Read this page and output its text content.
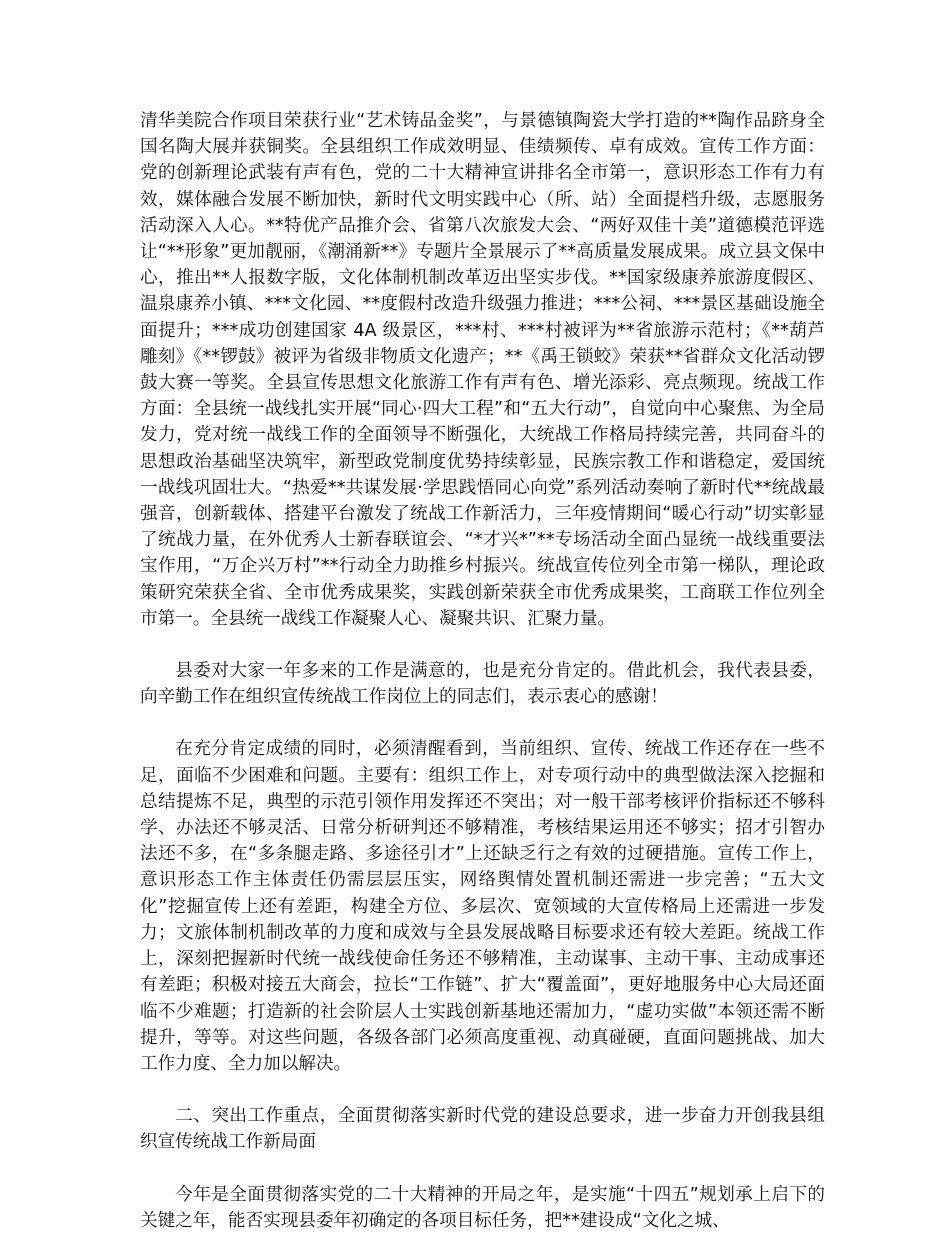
清华美院合作项目荣获行业“艺术铸品金奖”，与景德镇陶瓷大学打造的**陶作品跻身全国名陶大展并获铜奖。全县组织工作成效明显、佳绩频传、卓有成效。宣传工作方面：党的创新理论武装有声有色，党的二十大精神宣讲排名全市第一，意识形态工作有力有效，媒体融合发展不断加快，新时代文明实践中心（所、站）全面提档升级，志愿服务活动深入人心。**特优产品推介会、省第八次旅发大会、“两好双佳十美”道德模范评选让“**形象”更加靓丽，《潮涌新**》专题片全景展示了**高质量发展成果。成立县文保中心，推出**人报数字版，文化体制机制改革迈出坚实步伐。**国家级康养旅游度假区、温泉康养小镇、***文化园、**度假村改造升级强力推进；***公祠、***景区基础设施全面提升；***成功创建国家 4A 级景区，***村、***村被评为**省旅游示范村；《**葫芦雕刻》《**锣鼓》被评为省级非物质文化遗产；**《禹王锁蛟》荣获**省群众文化活动锣鼓大赛一等奖。全县宣传思想文化旅游工作有声有色、增光添彩、亮点频现。统战工作方面：全县统一战线扎实开展“同心·四大工程”和“五大行动”，自觉向中心聚焦、为全局发力，党对统一战线工作的全面领导不断强化，大统战工作格局持续完善，共同奋斗的思想政治基础坚决筑牢，新型政党制度优势持续彰显，民族宗教工作和谐稳定，爱国统一战线巩固壮大。“热爱**共谋发展·学思践悟同心向党”系列活动奏响了新时代**统战最强音，创新载体、搭建平台激发了统战工作新活力，三年疫情期间“暖心行动”切实彰显了统战力量，在外优秀人士新春联谊会、“*才兴*”**专场活动全面凸显统一战线重要法宝作用，“万企兴万村”**行动全力助推乡村振兴。统战宣传位列全市第一梯队，理论政策研究荣获全省、全市优秀成果奖，实践创新荣获全市优秀成果奖，工商联工作位列全市第一。全县统一战线工作凝聚人心、凝聚共识、汇聚力量。

县委对大家一年多来的工作是满意的，也是充分肯定的。借此机会，我代表县委，向辛勤工作在组织宣传统战工作岗位上的同志们，表示衷心的感谢！

在充分肯定成绩的同时，必须清醒看到，当前组织、宣传、统战工作还存在一些不足，面临不少困难和问题。主要有：组织工作上，对专项行动中的典型做法深入挖掘和总结提炼不足，典型的示范引领作用发挥还不突出；对一般干部考核评价指标还不够科学、办法还不够灵活、日常分析研判还不够精准，考核结果运用还不够实；招才引智办法还不多，在“多条腿走路、多途径引才”上还缺乏行之有效的过硬措施。宣传工作上，意识形态工作主体责任仍需层层压实，网络舆情处置机制还需进一步完善；“五大文化”挖掘宣传上还有差距，构建全方位、多层次、宽领域的大宣传格局上还需进一步发力；文旅体制机制改革的力度和成效与全县发展战略目标要求还有较大差距。统战工作上，深刻把握新时代统一战线使命任务还不够精准，主动谋事、主动干事、主动成事还有差距；积极对接五大商会，拉长“工作链”、扩大“覆盖面”，更好地服务中心大局还面临不少难题；打造新的社会阶层人士实践创新基地还需加力，“虚功实做”本领还需不断提升，等等。对这些问题，各级各部门必须高度重视、动真碰硬，直面问题挑战、加大工作力度、全力加以解决。

二、突出工作重点，全面贯彻落实新时代党的建设总要求，进一步奋力开创我县组织宣传统战工作新局面

今年是全面贯彻落实党的二十大精神的开局之年，是实施“十四五”规划承上启下的关键之年，能否实现县委年初确定的各项目标任务，把**建设成“文化之城、
